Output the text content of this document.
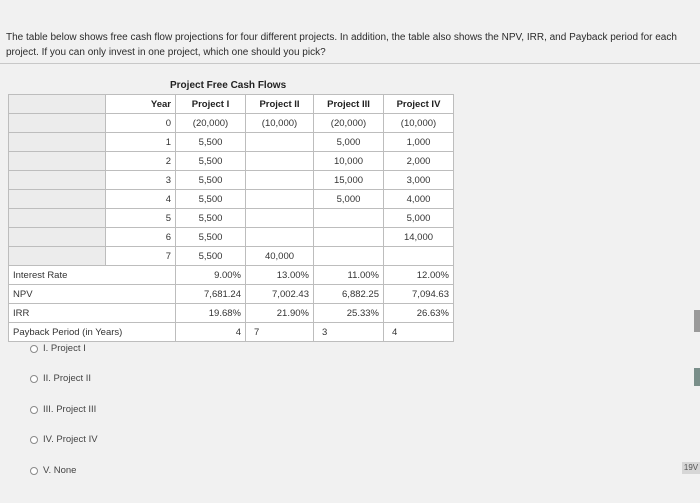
The table below shows free cash flow projections for four different projects. In addition, the table also shows the NPV, IRR, and Payback period for each project. If you can only invest in one project, which one should you pick?
Project Free Cash Flows
	Year	Project I	Project II	Project III	Project IV
	0	(20,000)	(10,000)	(20,000)	(10,000)
	1	5,500		5,000	1,000
	2	5,500		10,000	2,000
	3	5,500		15,000	3,000
	4	5,500		5,000	4,000
	5	5,500			5,000
	6	5,500			14,000
	7	5,500	40,000		
Interest Rate		9.00%	13.00%	11.00%	12.00%
NPV		7,681.24	7,002.43	6,882.25	7,094.63
IRR		19.68%	21.90%	25.33%	26.63%
Payback Period (in Years)		4	7	3	4
I. Project I
II. Project II
III. Project III
IV. Project IV
V. None	19V
